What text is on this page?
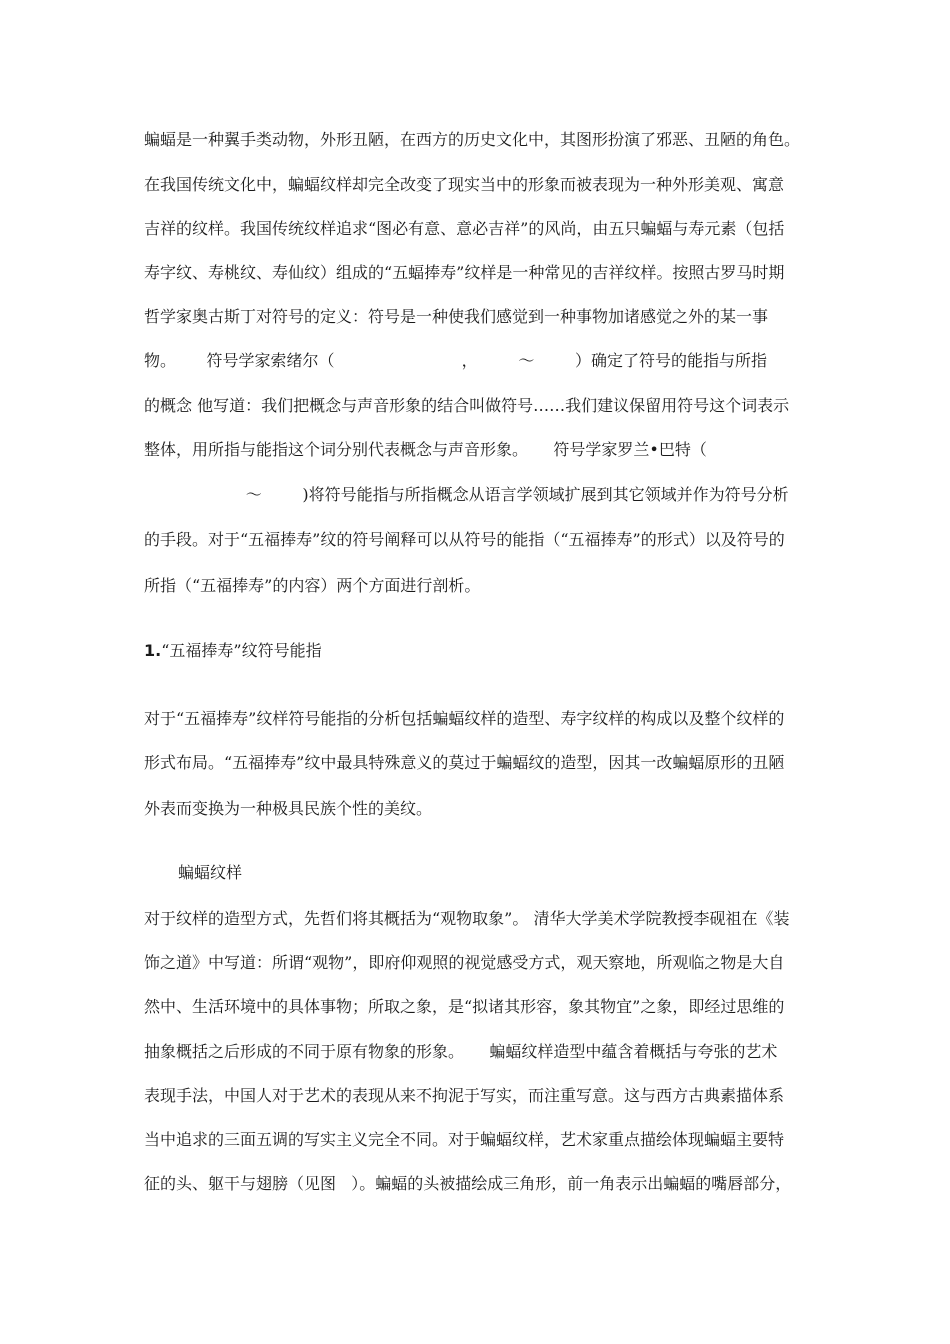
蝙蝠是一种翼手类动物，外形丑陋，在西方的历史文化中，其图形扮演了邪恶、丑陋的角色。
在我国传统文化中，蝙蝠纹样却完全改变了现实当中的形象而被表现为一种外形美观、寓意
吉祥的纹样。我国传统纹样追求“图必有意、意必吉祥”的风尚，由五只蝙蝠与寿元素（包括
寿字纹、寿桃纹、寿仙纹）组成的“五蝠捧寿”纹样是一种常见的吉祥纹样。按照古罗马时期
哲学家奥古斯丁对符号的定义：符号是一种使我们感觉到一种事物加诸感觉之外的某一事
物。      符号学家索绪尔（                         ，        ～        ）确定了符号的能指与所指
的概念 他写道：我们把概念与声音形象的结合叫做符号……我们建议保留用符号这个词表示
整体，用所指与能指这个词分别代表概念与声音形象。     符号学家罗兰•巴特（
～        )将符号能指与所指概念从语言学领域扩展到其它领域并作为符号分析
的手段。对于“五福捧寿”纹的符号阐释可以从符号的能指（“五福捧寿”的形式）以及符号的
所指（“五福捧寿”的内容）两个方面进行剖析。
1.“五福捧寿”纹符号能指
对于“五福捧寿”纹样符号能指的分析包括蝙蝠纹样的造型、寿字纹样的构成以及整个纹样的
形式布局。“五福捧寿”纹中最具特殊意义的莫过于蝙蝠纹的造型，因其一改蝙蝠原形的丑陋
外表而变换为一种极具民族个性的美纹。
蝙蝠纹样
对于纹样的造型方式，先哲们将其概括为“观物取象”。 清华大学美术学院教授李砚祖在《装
饰之道》中写道：所谓“观物”，即府仰观照的视觉感受方式，观天察地，所观临之物是大自
然中、生活环境中的具体事物；所取之象，是“拟诸其形容，象其物宜”之象，即经过思维的
抽象概括之后形成的不同于原有物象的形象。     蝙蝠纹样造型中蕴含着概括与夸张的艺术
表现手法，中国人对于艺术的表现从来不拘泥于写实，而注重写意。这与西方古典素描体系
当中追求的三面五调的写实主义完全不同。对于蝙蝠纹样，艺术家重点描绘体现蝙蝠主要特
征的头、躯干与翅膀（见图   ）。蝙蝠的头被描绘成三角形，前一角表示出蝙蝠的嘴唇部分，
